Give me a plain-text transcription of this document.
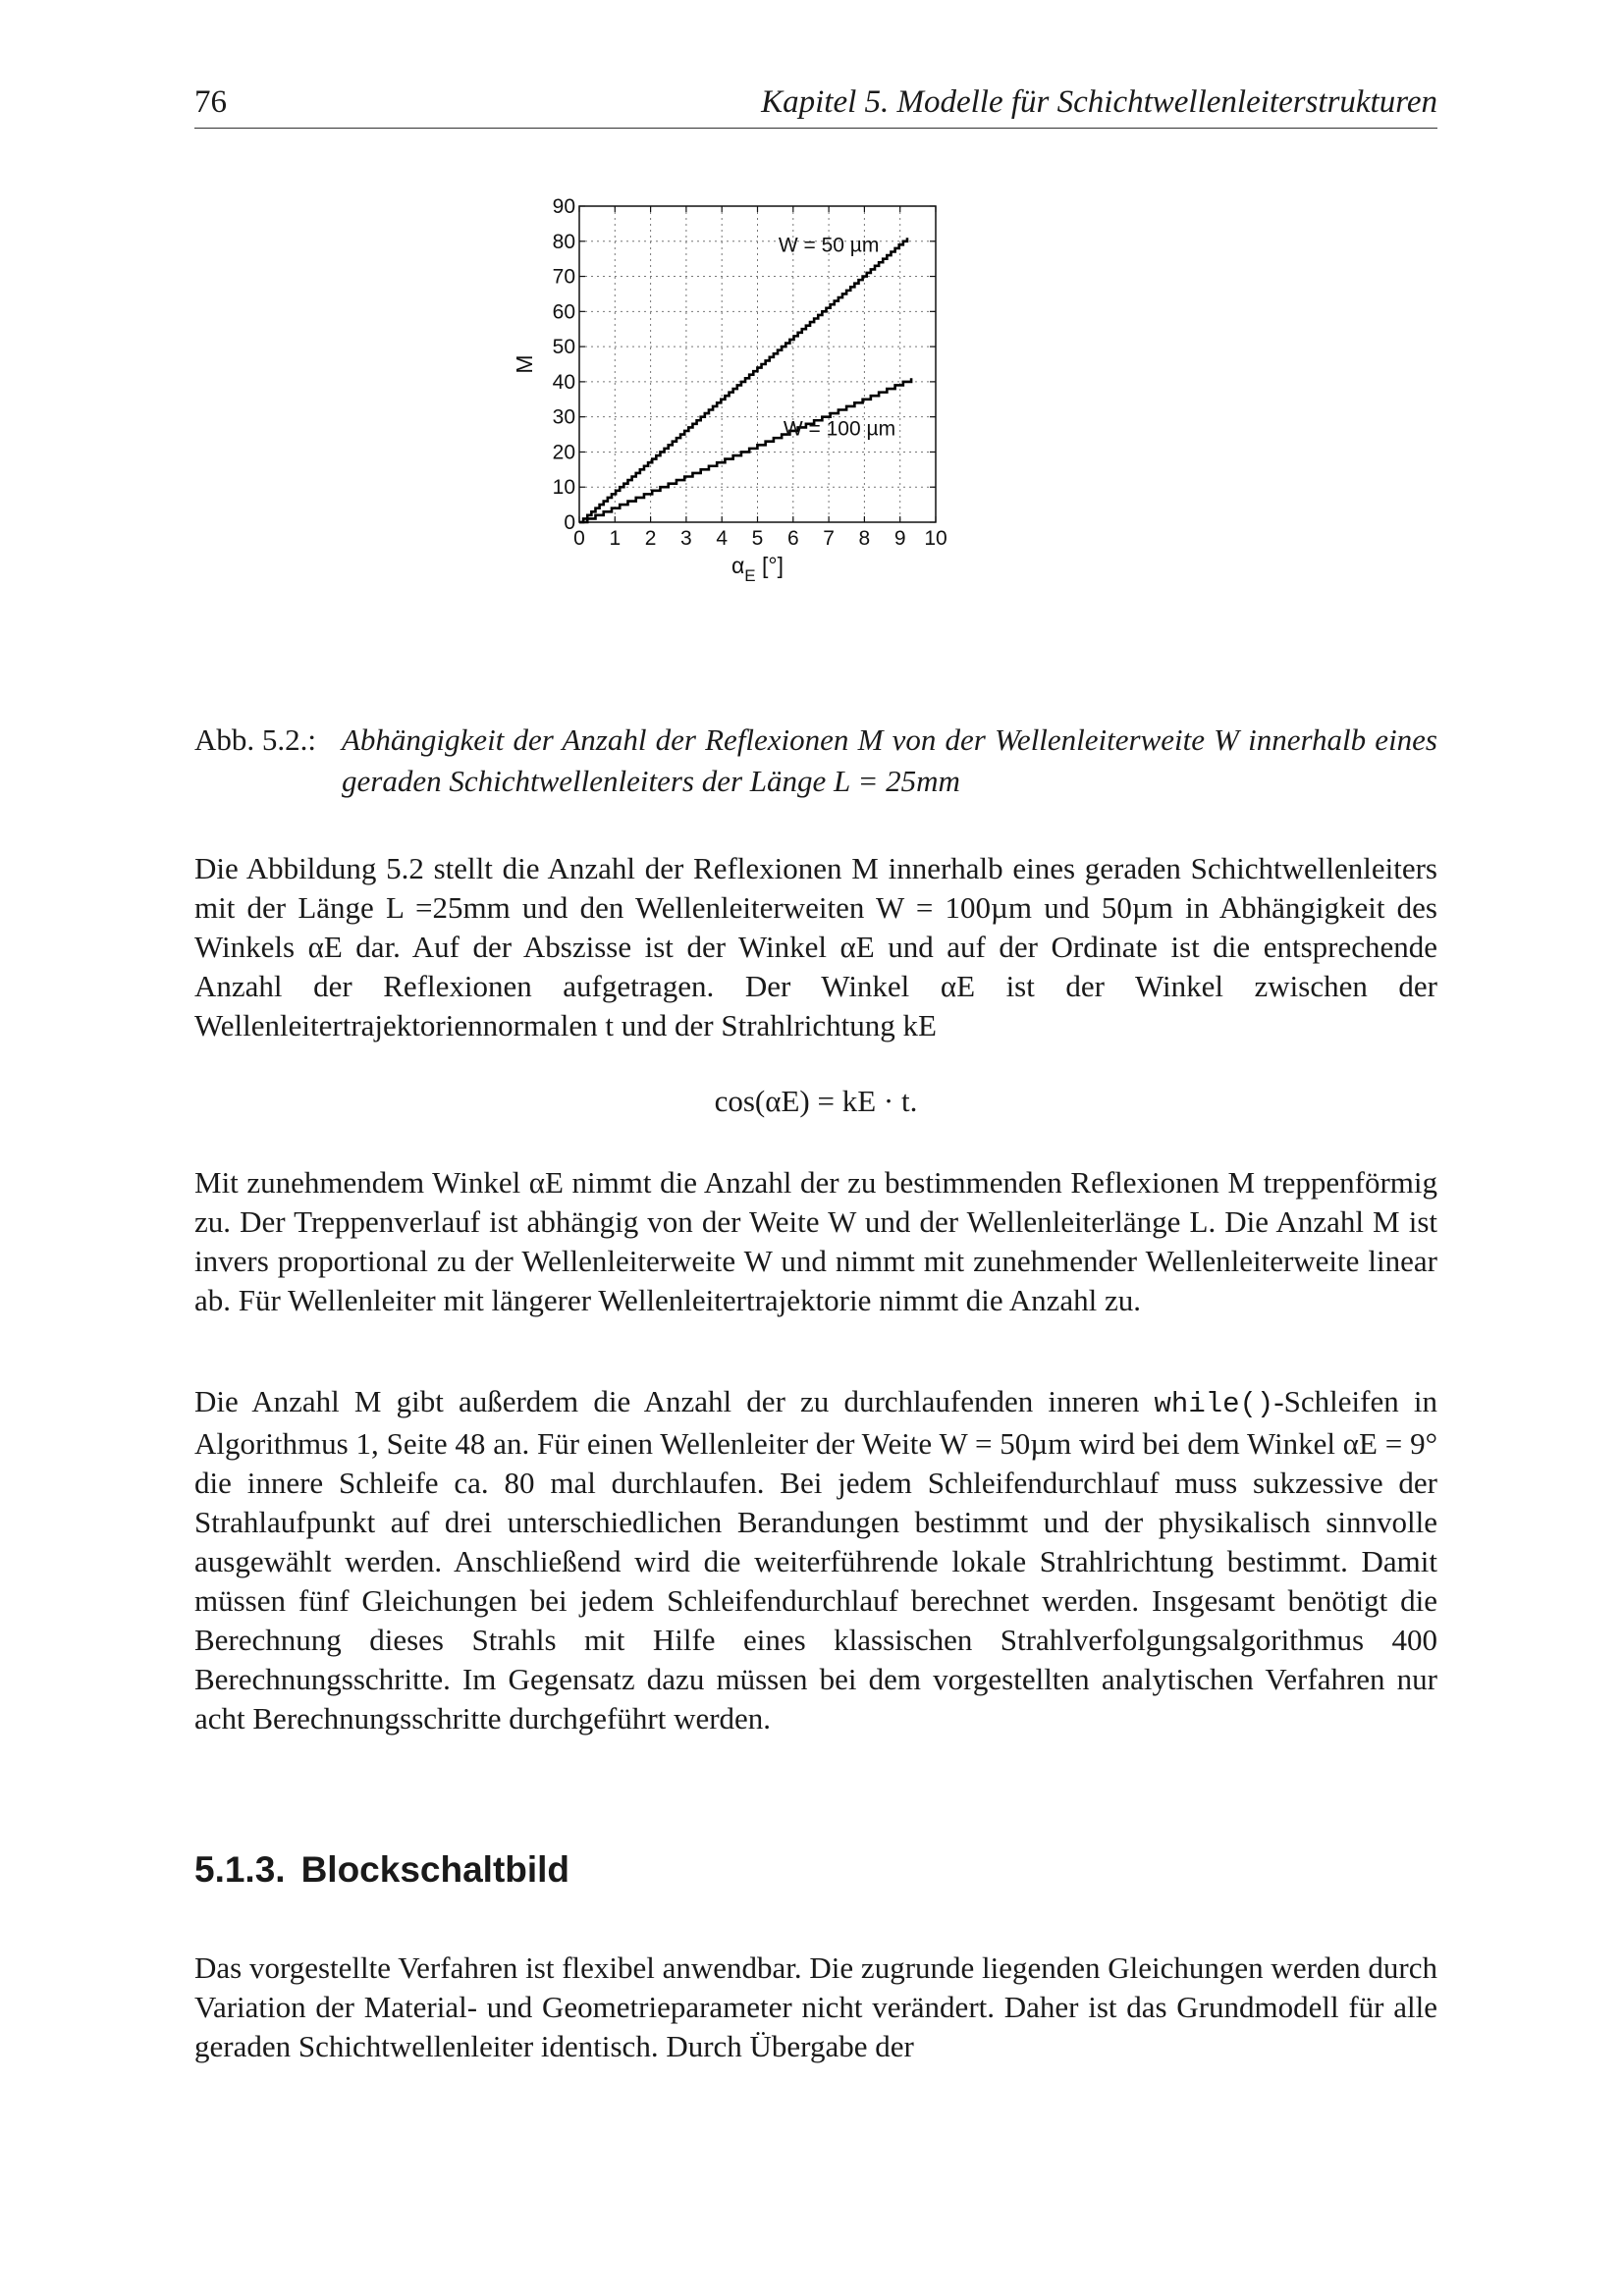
76	Kapitel 5. Modelle für Schichtwellenleiterstrukturen
0 1 2 3 4 5 6 7 8 9 10
0
10
20
30
40
50
60
70
80
90
M
$\alpha_E$ [°]
W = 50 µm
W = 100 µm
Abb. 5.2.: Abhängigkeit der Anzahl der Reflexionen M von der Wellenleiterweite W innerhalb eines geraden Schichtwellenleiters der Länge L = 25mm

Die Abbildung 5.2 stellt die Anzahl der Reflexionen M innerhalb eines geraden Schichtwellenleiters mit der Länge L =25mm und den Wellenleiterweiten W = 100µm und 50µm in Abhängigkeit des Winkels αE dar. Auf der Abszisse ist der Winkel αE und auf der Ordinate ist die entsprechende Anzahl der Reflexionen aufgetragen. Der Winkel αE ist der Winkel zwischen der Wellenleitertrajektoriennormalen t und der Strahlrichtung kE

cos(αE) = kE · t.

Mit zunehmendem Winkel αE nimmt die Anzahl der zu bestimmenden Reflexionen M treppenförmig zu. Der Treppenverlauf ist abhängig von der Weite W und der Wellenleiterlänge L. Die Anzahl M ist invers proportional zu der Wellenleiterweite W und nimmt mit zunehmender Wellenleiterweite linear ab. Für Wellenleiter mit längerer Wellenleitertrajektorie nimmt die Anzahl zu.

Die Anzahl M gibt außerdem die Anzahl der zu durchlaufenden inneren while()-Schleifen in Algorithmus 1, Seite 48 an. Für einen Wellenleiter der Weite W = 50µm wird bei dem Winkel αE = 9° die innere Schleife ca. 80 mal durchlaufen. Bei jedem Schleifendurchlauf muss sukzessive der Strahlaufpunkt auf drei unterschiedlichen Berandungen bestimmt und der physikalisch sinnvolle ausgewählt werden. Anschließend wird die weiterführende lokale Strahlrichtung bestimmt. Damit müssen fünf Gleichungen bei jedem Schleifendurchlauf berechnet werden. Insgesamt benötigt die Berechnung dieses Strahls mit Hilfe eines klassischen Strahlverfolgungsalgorithmus 400 Berechnungsschritte. Im Gegensatz dazu müssen bei dem vorgestellten analytischen Verfahren nur acht Berechnungsschritte durchgeführt werden.

5.1.3. Blockschaltbild

Das vorgestellte Verfahren ist flexibel anwendbar. Die zugrunde liegenden Gleichungen werden durch Variation der Material- und Geometrieparameter nicht verändert. Daher ist das Grundmodell für alle geraden Schichtwellenleiter identisch. Durch Übergabe der
